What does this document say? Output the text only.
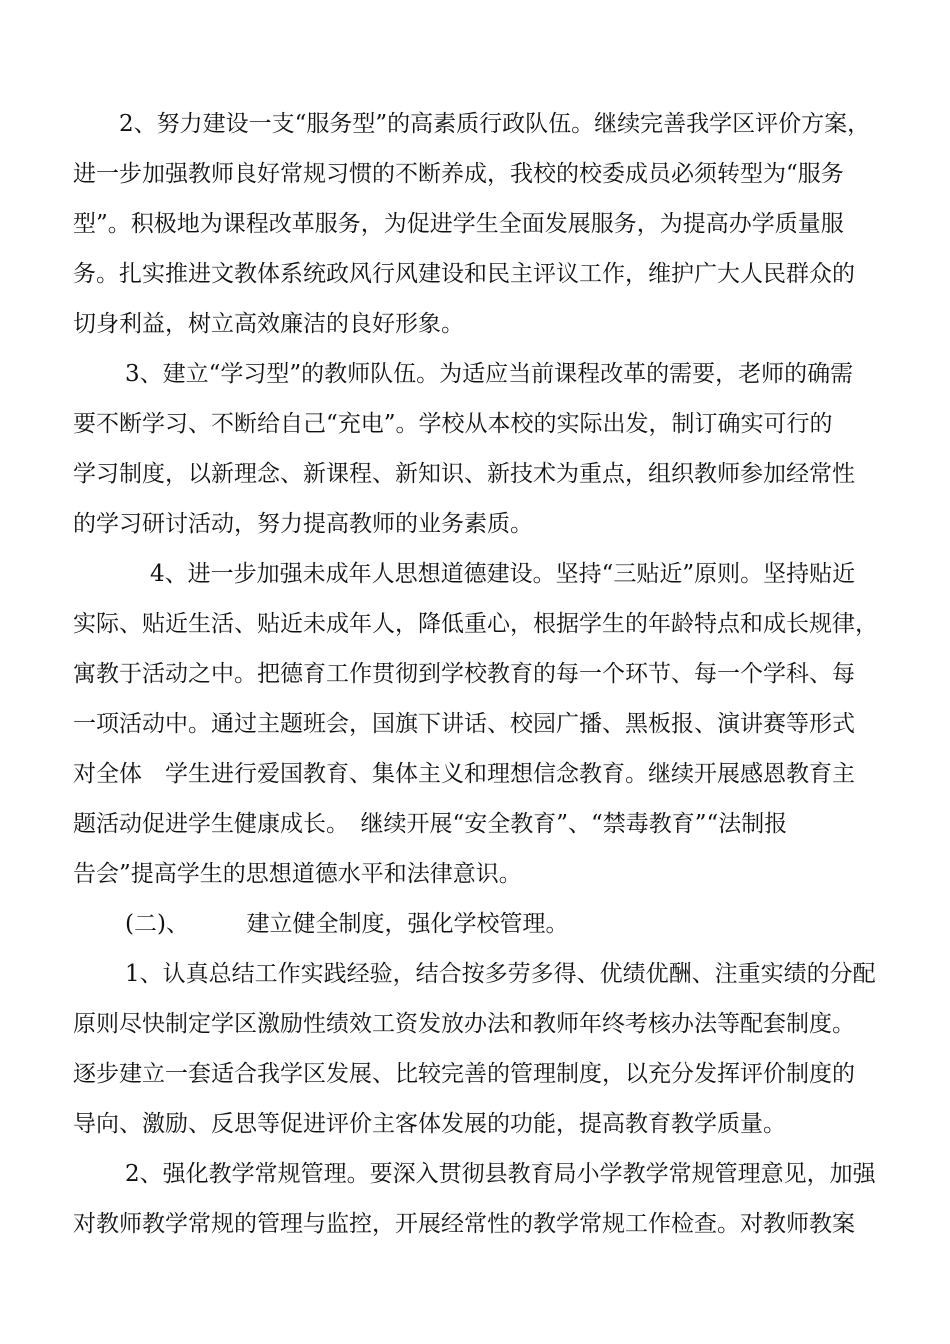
2、努力建设一支“服务型”的高素质行政队伍。继续完善我学区评价方案，
进一步加强教师良好常规习惯的不断养成，我校的校委成员必须转型为“服务
型”。积极地为课程改革服务，为促进学生全面发展服务，为提高办学质量服
务。扎实推进文教体系统政风行风建设和民主评议工作，维护广大人民群众的
切身利益，树立高效廉洁的良好形象。
3、建立“学习型”的教师队伍。为适应当前课程改革的需要，老师的确需
要不断学习、不断给自己“充电”。学校从本校的实际出发，制订确实可行的
学习制度，以新理念、新课程、新知识、新技术为重点，组织教师参加经常性
的学习研讨活动，努力提高教师的业务素质。
4、进一步加强未成年人思想道德建设。坚持“三贴近”原则。坚持贴近
实际、贴近生活、贴近未成年人，降低重心，根据学生的年龄特点和成长规律，
寓教于活动之中。把德育工作贯彻到学校教育的每一个环节、每一个学科、每
一项活动中。通过主题班会，国旗下讲话、校园广播、黑板报、演讲赛等形式
对全体　学生进行爱国教育、集体主义和理想信念教育。继续开展感恩教育主
题活动促进学生健康成长。　继续开展“安全教育”、“禁毒教育”“法制报
告会”提高学生的思想道德水平和法律意识。
(二)、　　　建立健全制度，强化学校管理。
1、认真总结工作实践经验，结合按多劳多得、优绩优酬、注重实绩的分配
原则尽快制定学区激励性绩效工资发放办法和教师年终考核办法等配套制度。
逐步建立一套适合我学区发展、比较完善的管理制度，以充分发挥评价制度的
导向、激励、反思等促进评价主客体发展的功能，提高教育教学质量。
2、强化教学常规管理。要深入贯彻县教育局小学教学常规管理意见，加强
对教师教学常规的管理与监控，开展经常性的教学常规工作检查。对教师教案
